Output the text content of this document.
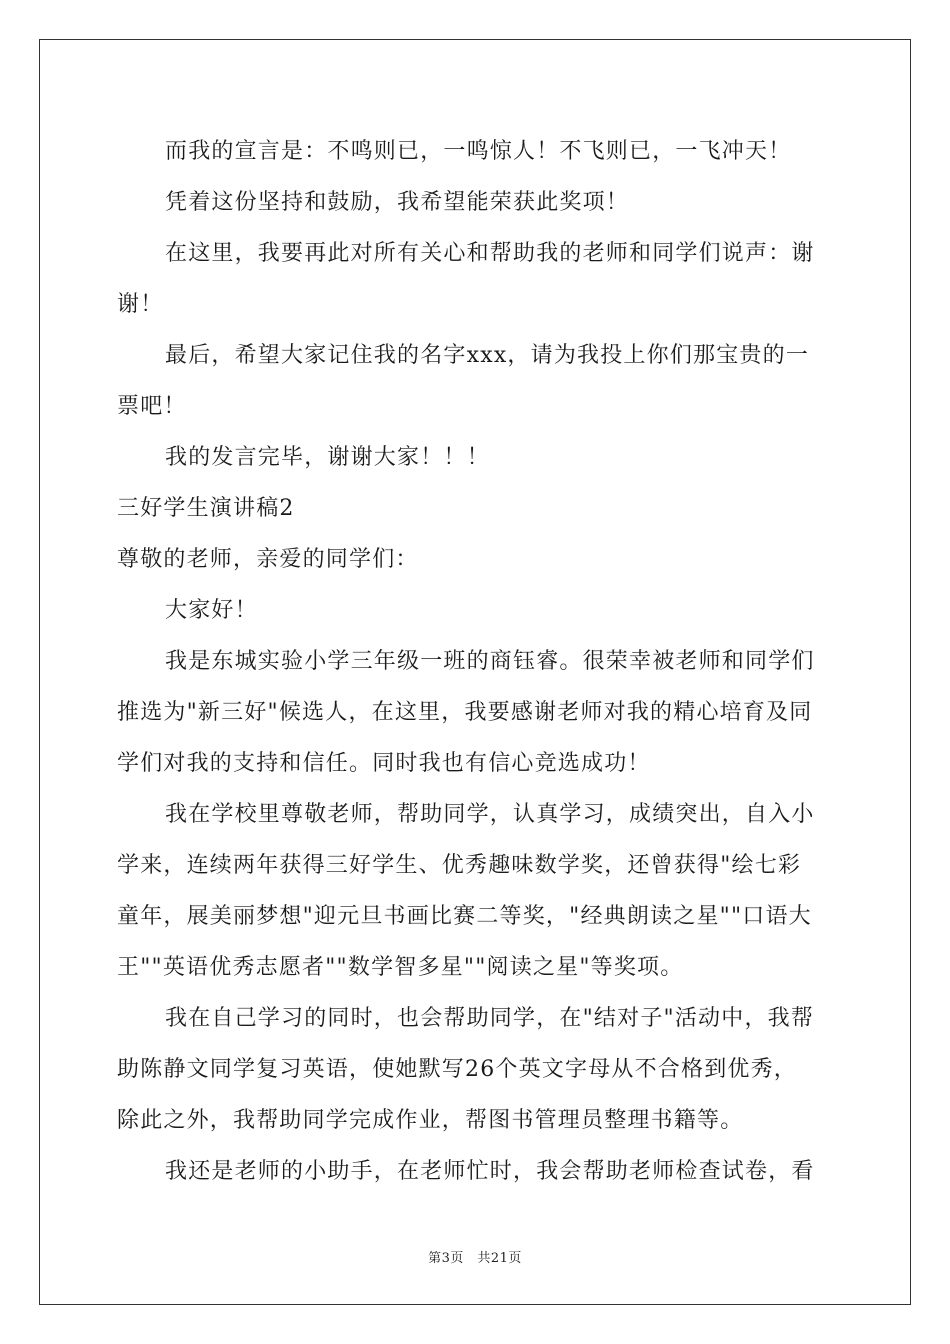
而我的宣言是：不鸣则已，一鸣惊人！不飞则已，一飞冲天！
凭着这份坚持和鼓励，我希望能荣获此奖项！
在这里，我要再此对所有关心和帮助我的老师和同学们说声：谢
谢！
最后，希望大家记住我的名字xxx，请为我投上你们那宝贵的一
票吧！
我的发言完毕，谢谢大家！！！
三好学生演讲稿2
尊敬的老师，亲爱的同学们：
大家好！
我是东城实验小学三年级一班的商钰睿。很荣幸被老师和同学们
推选为"新三好"候选人，在这里，我要感谢老师对我的精心培育及同
学们对我的支持和信任。同时我也有信心竞选成功！
我在学校里尊敬老师，帮助同学，认真学习，成绩突出，自入小
学来，连续两年获得三好学生、优秀趣味数学奖，还曾获得"绘七彩
童年，展美丽梦想"迎元旦书画比赛二等奖，"经典朗读之星""口语大
王""英语优秀志愿者""数学智多星""阅读之星"等奖项。
我在自己学习的同时，也会帮助同学，在"结对子"活动中，我帮
助陈静文同学复习英语，使她默写26个英文字母从不合格到优秀，
除此之外，我帮助同学完成作业，帮图书管理员整理书籍等。
我还是老师的小助手，在老师忙时，我会帮助老师检查试卷，看
第3页　共21页
